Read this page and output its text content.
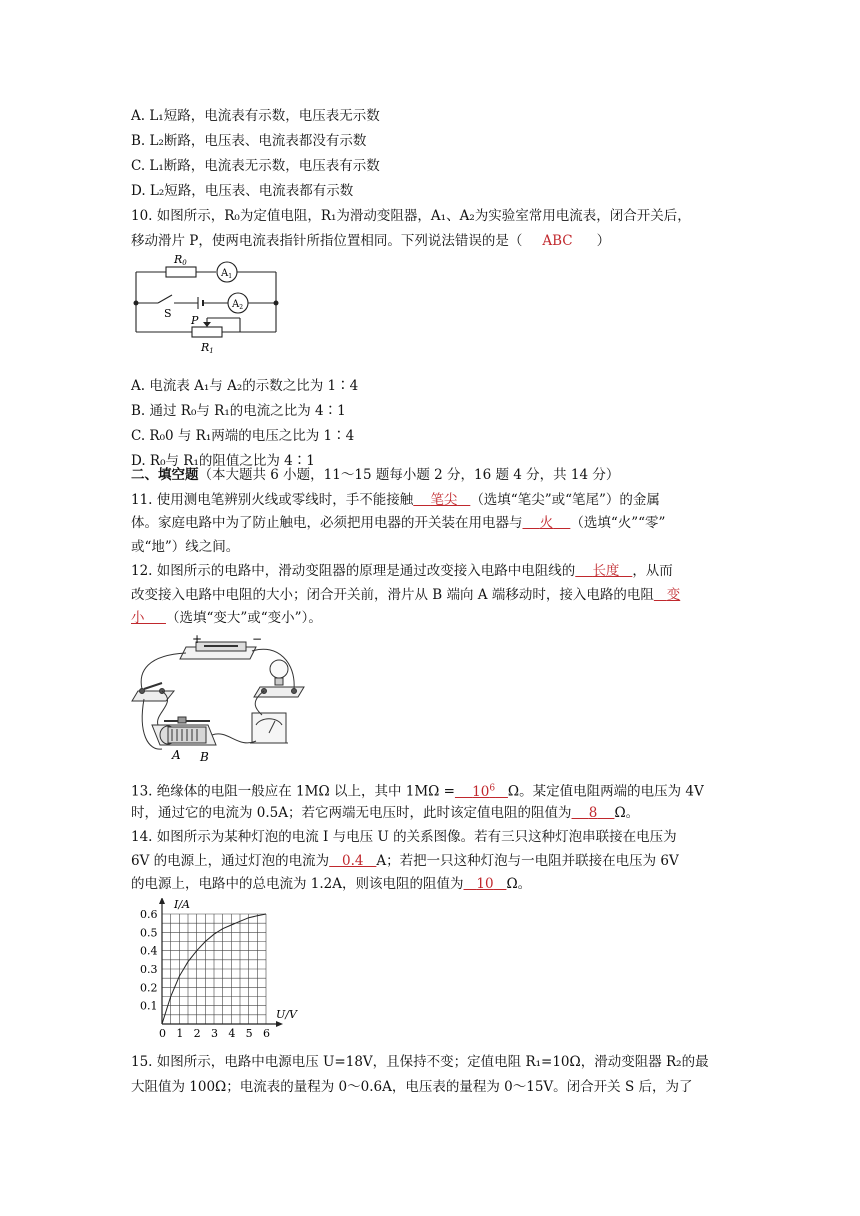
A. L₁短路，电流表有示数，电压表无示数
B. L₂断路，电压表、电流表都没有示数
C. L₁断路，电流表无示数，电压表有示数
D. L₂短路，电压表、电流表都有示数
10. 如图所示，R₀为定值电阻，R₁为滑动变阻器，A₁、A₂为实验室常用电流表，闭合开关后，
移动滑片 P，使两电流表指针所指位置相同。下列说法错误的是（ ABC ）
R0
$A_1$
$A_2$
S
P
R1
A. 电流表 A₁与 A₂的示数之比为 1∶4
B. 通过 R₀与 R₁的电流之比为 4∶1
C. R₀0 与 R₁两端的电压之比为 1∶4
D. R₀与 R₁的阻值之比为 4∶1
二、填空题（本大题共 6 小题，11～15 题每小题 2 分，16 题 4 分，共 14 分）
11. 使用测电笔辨别火线或零线时，手不能接触 笔尖 （选填“笔尖”或“笔尾”）的金属
体。家庭电路中为了防止触电，必须把用电器的开关装在用电器与 火 （选填“火”“零”
或“地”）线之间。
12. 如图所示的电路中，滑动变阻器的原理是通过改变接入电路中电阻线的 长度 ，从而
改变接入电路中电阻的大小；闭合开关前，滑片从 B 端向 A 端移动时，接入电路的电阻 变
小 （选填“变大”或“变小”）。
+	−
A B
13. 绝缘体的电阻一般应在 1MΩ 以上，其中 $1M\Omega = 10^6$ Ω。某定值电阻两端的电压为 4V
时，通过它的电流为 0.5A；若它两端无电压时，此时该定值电阻的阻值为 8 Ω。
14. 如图所示为某种灯泡的电流 I 与电压 U 的关系图像。若有三只这种灯泡串联接在电压为
6V 的电源上，通过灯泡的电流为 0.4 A；若把一只这种灯泡与一电阻并联接在电压为 6V
的电源上，电路中的总电流为 1.2A，则该电阻的阻值为 10 Ω。
0 1 2 3 4 5 6
0.1
0.2
0.3
0.4
0.5
0.6
I/A
U/V
15. 如图所示，电路中电源电压 U=18V，且保持不变；定值电阻 R₁=10Ω，滑动变阻器 R₂的最
大阻值为 100Ω；电流表的量程为 0～0.6A，电压表的量程为 0～15V。闭合开关 S 后，为了
